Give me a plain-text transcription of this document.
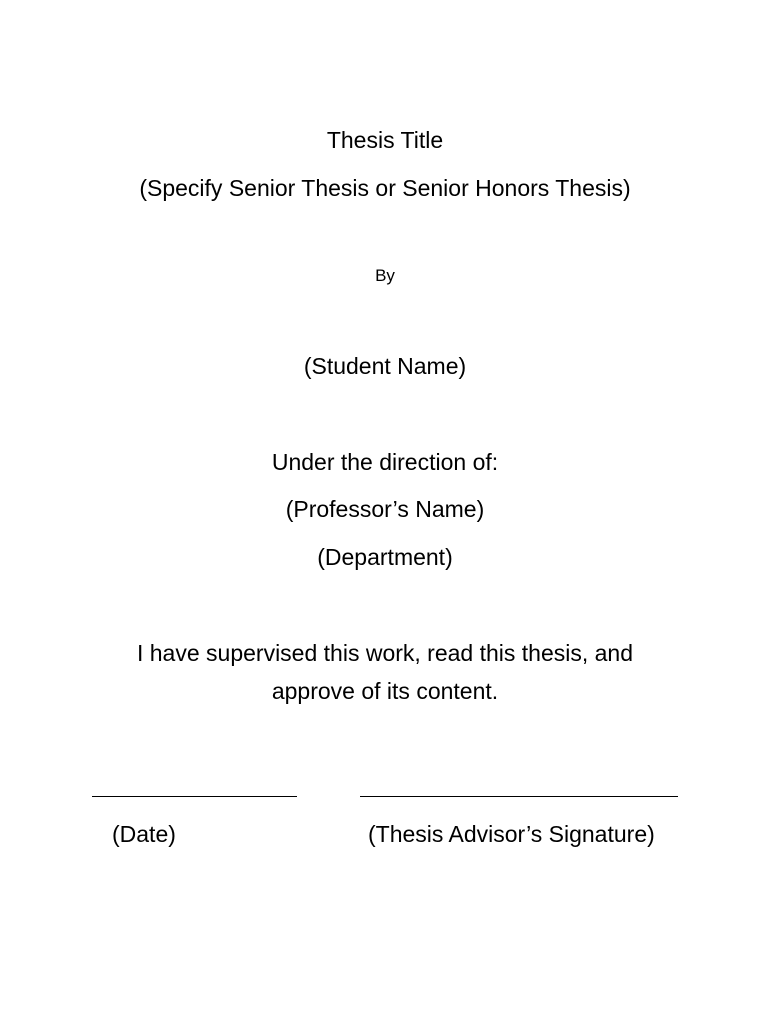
Thesis Title
(Specify Senior Thesis or Senior Honors Thesis)
By
(Student Name)
Under the direction of:
(Professor’s Name)
(Department)
I have supervised this work, read this thesis, and
approve of its content.
(Date)	(Thesis Advisor’s Signature)
